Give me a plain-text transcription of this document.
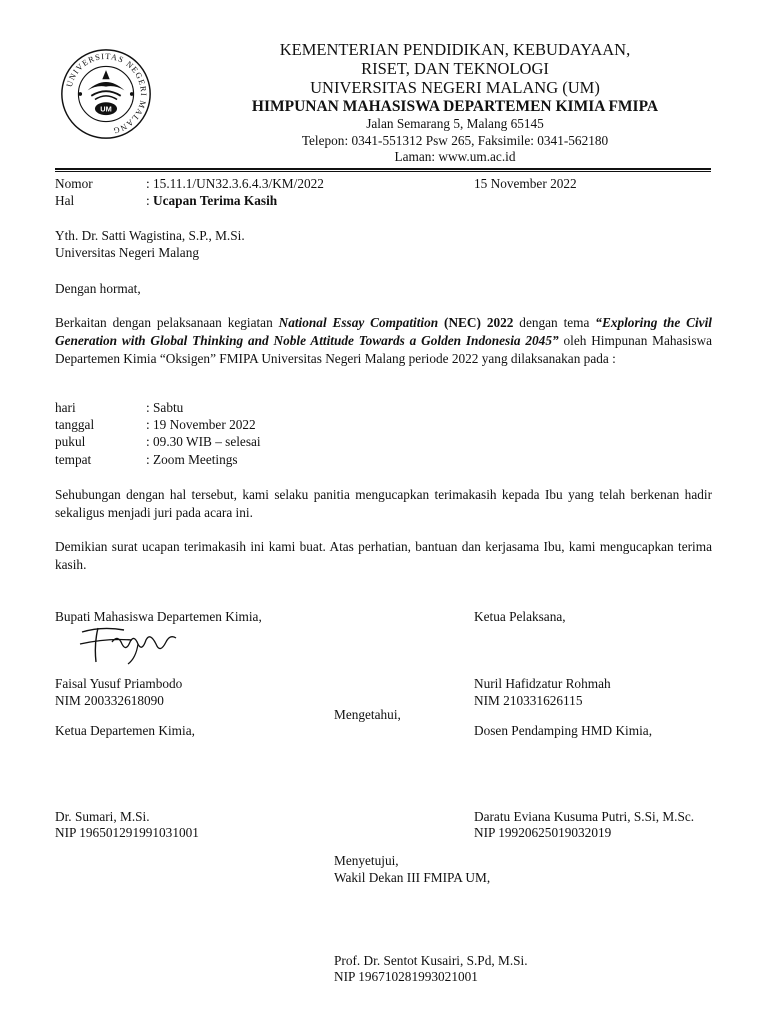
UNIVERSITAS NEGERI MALANG
UM
KEMENTERIAN PENDIDIKAN, KEBUDAYAAN,
RISET, DAN TEKNOLOGI
UNIVERSITAS NEGERI MALANG (UM)
HIMPUNAN MAHASISWA DEPARTEMEN KIMIA FMIPA
Jalan Semarang 5, Malang 65145
Telepon: 0341-551312 Psw 265, Faksimile: 0341-562180
Laman: www.um.ac.id
Nomor	: 15.11.1/UN32.3.6.4.3/KM/2022	15 November 2022
Hal	: Ucapan Terima Kasih
Yth. Dr. Satti Wagistina, S.P., M.Si.
Universitas Negeri Malang
Dengan hormat,
Berkaitan dengan pelaksanaan kegiatan National Essay Compatition (NEC) 2022 dengan tema “Exploring the Civil Generation with Global Thinking and Noble Attitude Towards a Golden Indonesia 2045” oleh Himpunan Mahasiswa Departemen Kimia “Oksigen” FMIPA Universitas Negeri Malang periode 2022 yang dilaksanakan pada :
hari	: Sabtu
tanggal	: 19 November 2022
pukul	: 09.30 WIB – selesai
tempat	: Zoom Meetings
Sehubungan dengan hal tersebut, kami selaku panitia mengucapkan terimakasih kepada Ibu yang telah berkenan hadir sekaligus menjadi juri pada acara ini.
Demikian surat ucapan terimakasih ini kami buat. Atas perhatian, bantuan dan kerjasama Ibu, kami mengucapkan terima kasih.
Bupati Mahasiswa Departemen Kimia,	Ketua Pelaksana,
Faisal Yusuf Priambodo
NIM 200332618090
Nuril Hafidzatur Rohmah
NIM 210331626115
Mengetahui,
Ketua Departemen Kimia,	Dosen Pendamping HMD Kimia,
Dr. Sumari, M.Si.
NIP 196501291991031001
Daratu Eviana Kusuma Putri, S.Si, M.Sc.
NIP 19920625019032019
Menyetujui,
Wakil Dekan III FMIPA UM,
Prof. Dr. Sentot Kusairi, S.Pd, M.Si.
NIP 196710281993021001
